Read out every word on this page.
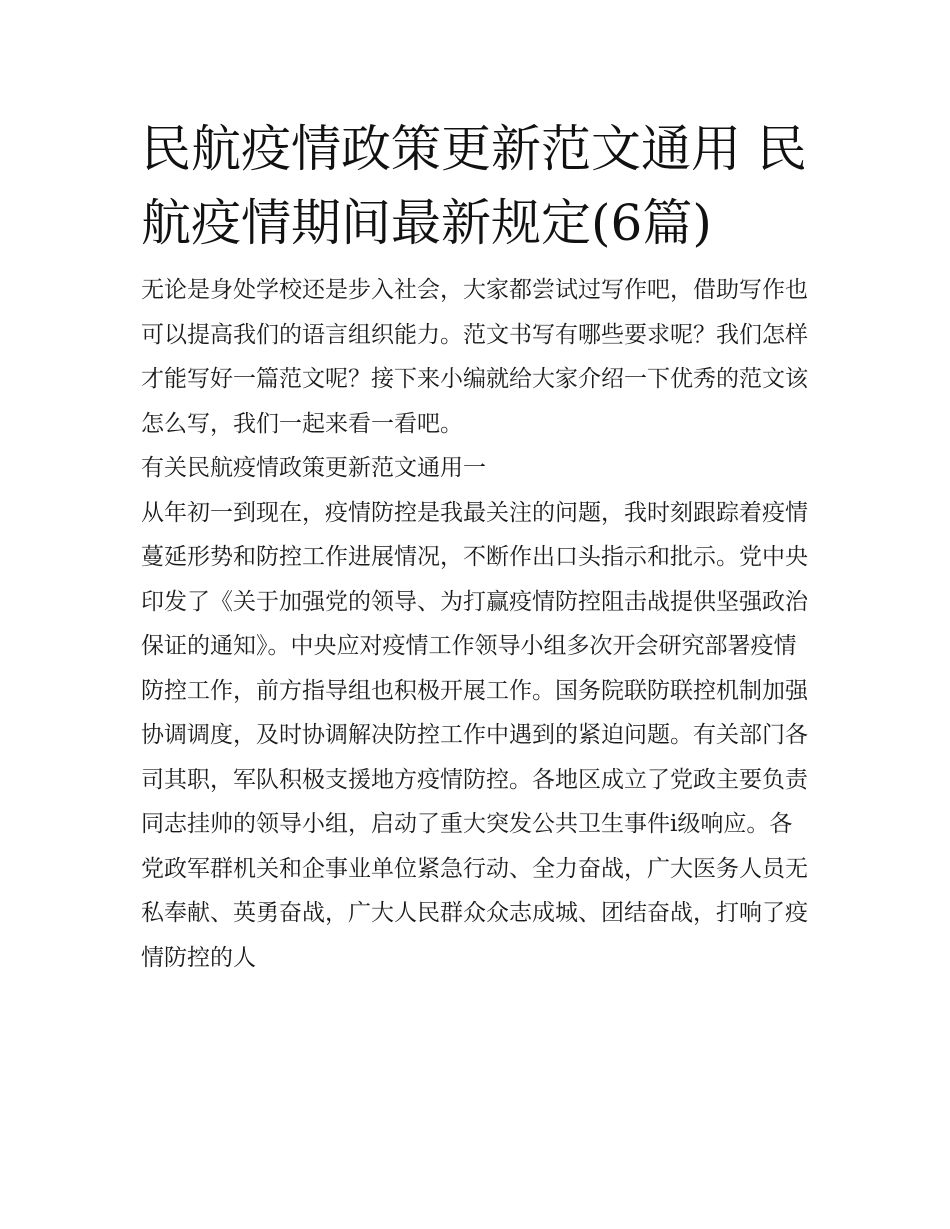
民航疫情政策更新范文通用 民航疫情期间最新规定(6篇)

无论是身处学校还是步入社会，大家都尝试过写作吧，借助写作也可以提高我们的语言组织能力。范文书写有哪些要求呢？我们怎样才能写好一篇范文呢？接下来小编就给大家介绍一下优秀的范文该怎么写，我们一起来看一看吧。

有关民航疫情政策更新范文通用一

从年初一到现在，疫情防控是我最关注的问题，我时刻跟踪着疫情蔓延形势和防控工作进展情况，不断作出口头指示和批示。党中央印发了《关于加强党的领导、为打赢疫情防控阻击战提供坚强政治保证的通知》。中央应对疫情工作领导小组多次开会研究部署疫情防控工作，前方指导组也积极开展工作。国务院联防联控机制加强协调调度，及时协调解决防控工作中遇到的紧迫问题。有关部门各司其职，军队积极支援地方疫情防控。各地区成立了党政主要负责同志挂帅的领导小组，启动了重大突发公共卫生事件i级响应。各党政军群机关和企事业单位紧急行动、全力奋战，广大医务人员无私奉献、英勇奋战，广大人民群众众志成城、团结奋战，打响了疫情防控的人
